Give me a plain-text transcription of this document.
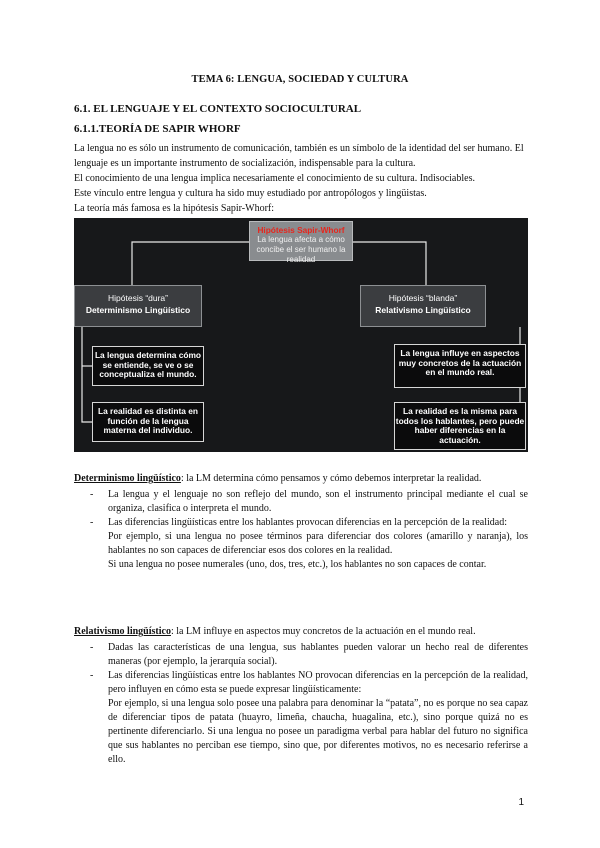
TEMA 6: LENGUA, SOCIEDAD Y CULTURA
6.1. EL LENGUAJE Y EL CONTEXTO SOCIOCULTURAL
6.1.1.TEORÍA DE SAPIR WHORF

La lengua no es sólo un instrumento de comunicación, también es un símbolo de la identidad del ser humano. El lenguaje es un importante instrumento de socialización, indispensable para la cultura.

El conocimiento de una lengua implica necesariamente el conocimiento de su cultura. Indisociables.

Este vínculo entre lengua y cultura ha sido muy estudiado por antropólogos y lingüistas.

La teoría más famosa es la hipótesis Sapir-Whorf:

Hipótesis Sapir-Whorf
La lengua afecta a cómo concibe el ser humano la realidad
Hipótesis “dura”
Determinismo Lingüístico
Hipótesis “blanda”
Relativismo Lingüístico
La lengua determina cómo se entiende, se ve o se conceptualiza el mundo.
La realidad es distinta en función de la lengua materna del individuo.
La lengua influye en aspectos muy concretos de la actuación en el mundo real.
La realidad es la misma para todos los hablantes, pero puede haber diferencias en la actuación.
Determinismo lingüístico: la LM determina cómo pensamos y cómo debemos interpretar la realidad.
- La lengua y el lenguaje no son reflejo del mundo, son el instrumento principal mediante el cual se organiza, clasifica o interpreta el mundo.

- Las diferencias lingüísticas entre los hablantes provocan diferencias en la percepción de la realidad:

Por ejemplo, si una lengua no posee términos para diferenciar dos colores (amarillo y naranja), los hablantes no son capaces de diferenciar esos dos colores en la realidad.

Si una lengua no posee numerales (uno, dos, tres, etc.), los hablantes no son capaces de contar.

Relativismo lingüístico: la LM influye en aspectos muy concretos de la actuación en el mundo real.
- Dadas las características de una lengua, sus hablantes pueden valorar un hecho real de diferentes maneras (por ejemplo, la jerarquía social).

- Las diferencias lingüísticas entre los hablantes NO provocan diferencias en la percepción de la realidad, pero influyen en cómo esta se puede expresar lingüísticamente:

Por ejemplo, si una lengua solo posee una palabra para denominar la “patata”, no es porque no sea capaz de diferenciar tipos de patata (huayro, limeña, chaucha, huagalina, etc.), sino porque quizá no es pertinente diferenciarlo. Si una lengua no posee un paradigma verbal para hablar del futuro no significa que sus hablantes no perciban ese tiempo, sino que, por diferentes motivos, no es necesario referirse a ello.

1
